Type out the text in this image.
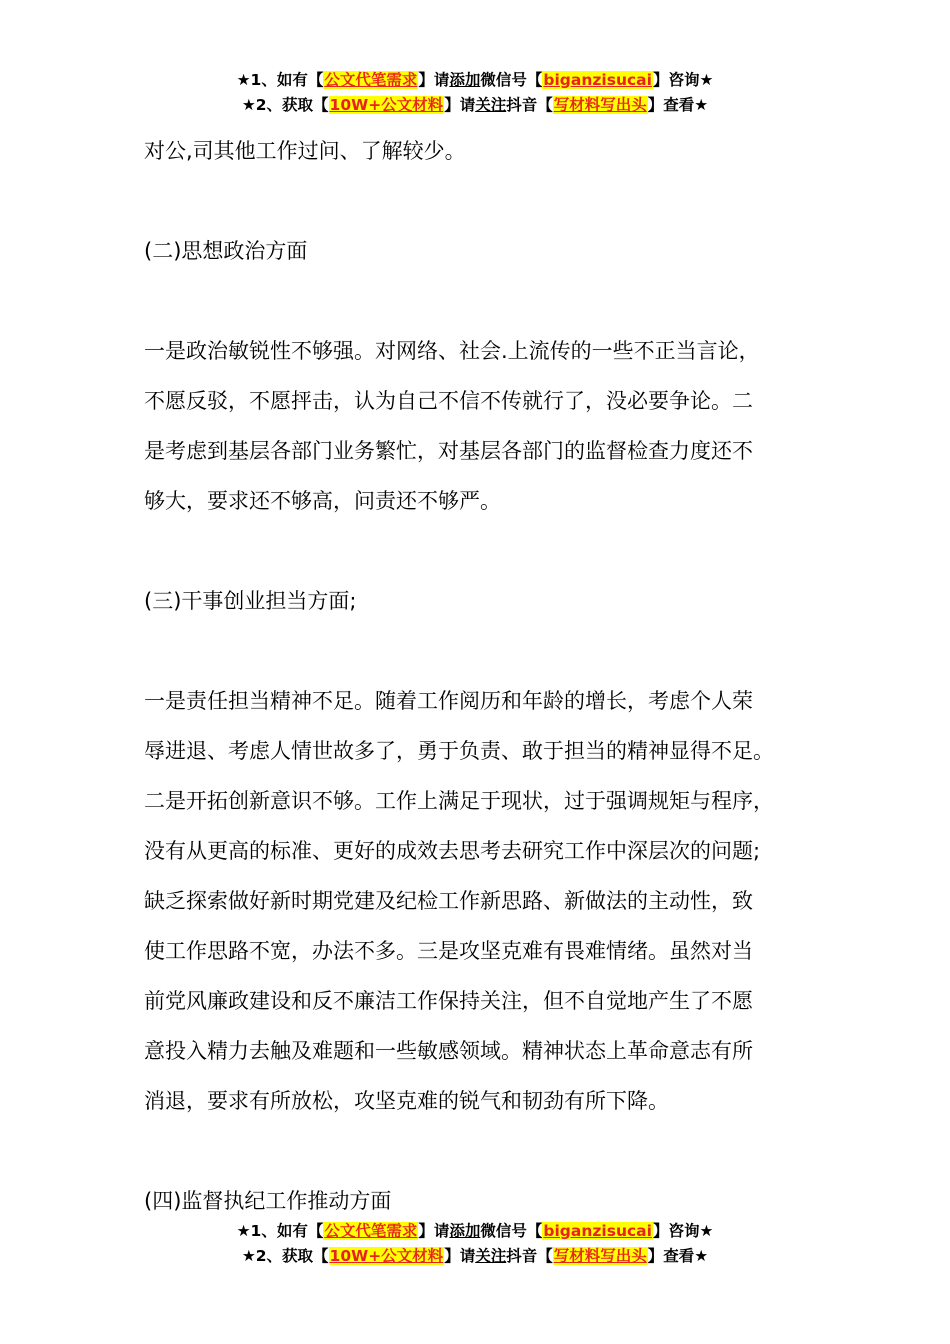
★1、如有【公文代笔需求】请添加微信号【biganzisucai】咨询★
★2、获取【10W+公文材料】请关注抖音【写材料写出头】查看★

对公,司其他工作过问、了解较少。

(二)思想政治方面

一是政治敏锐性不够强。对网络、社会.上流传的一些不正当言论，

不愿反驳，不愿抨击，认为自己不信不传就行了，没必要争论。二

是考虑到基层各部门业务繁忙，对基层各部门的监督检查力度还不

够大，要求还不够高，问责还不够严。

(三)干事创业担当方面;

一是责任担当精神不足。随着工作阅历和年龄的增长，考虑个人荣

辱进退、考虑人情世故多了，勇于负责、敢于担当的精神显得不足。

二是开拓创新意识不够。工作上满足于现状，过于强调规矩与程序，

没有从更高的标准、更好的成效去思考去研究工作中深层次的问题;

缺乏探索做好新时期党建及纪检工作新思路、新做法的主动性，致

使工作思路不宽，办法不多。三是攻坚克难有畏难情绪。虽然对当

前党风廉政建设和反不廉洁工作保持关注，但不自觉地产生了不愿

意投入精力去触及难题和一些敏感领域。精神状态上革命意志有所

消退，要求有所放松，攻坚克难的锐气和韧劲有所下降。

(四)监督执纪工作推动方面

★1、如有【公文代笔需求】请添加微信号【biganzisucai】咨询★
★2、获取【10W+公文材料】请关注抖音【写材料写出头】查看★
